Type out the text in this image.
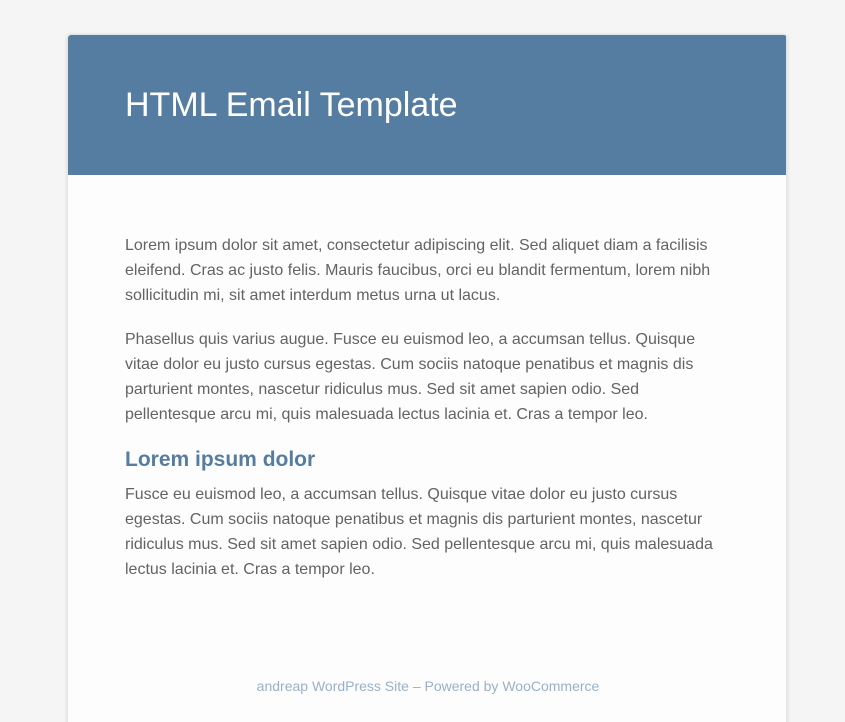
HTML Email Template

Lorem ipsum dolor sit amet, consectetur adipiscing elit. Sed aliquet diam a facilisis eleifend. Cras ac justo felis. Mauris faucibus, orci eu blandit fermentum, lorem nibh sollicitudin mi, sit amet interdum metus urna ut lacus.

Phasellus quis varius augue. Fusce eu euismod leo, a accumsan tellus. Quisque vitae dolor eu justo cursus egestas. Cum sociis natoque penatibus et magnis dis parturient montes, nascetur ridiculus mus. Sed sit amet sapien odio. Sed pellentesque arcu mi, quis malesuada lectus lacinia et. Cras a tempor leo.

Lorem ipsum dolor

Fusce eu euismod leo, a accumsan tellus. Quisque vitae dolor eu justo cursus egestas. Cum sociis natoque penatibus et magnis dis parturient montes, nascetur ridiculus mus. Sed sit amet sapien odio. Sed pellentesque arcu mi, quis malesuada lectus lacinia et. Cras a tempor leo.

andreap WordPress Site – Powered by WooCommerce
